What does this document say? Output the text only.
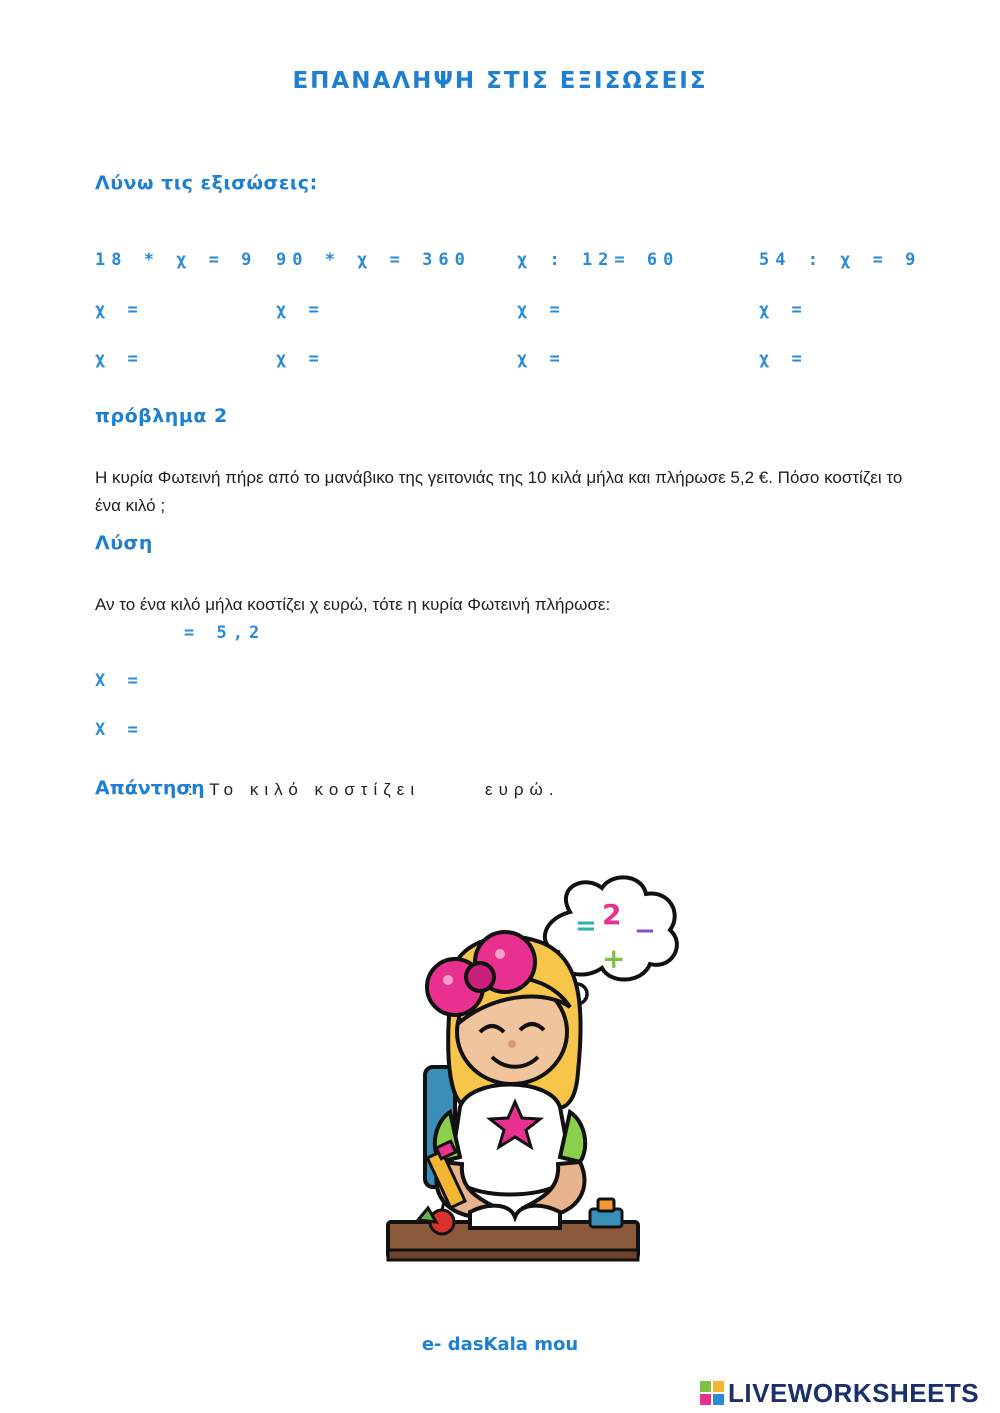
ΕΠΑΝΑΛΗΨΗ ΣΤΙΣ ΕΞΙΣΩΣΕΙΣ
Λύνω τις εξισώσεις:
18 * χ = 9
χ =
χ =
90 * χ = 360
χ =
χ =
χ : 12= 60
χ =
χ =
54 : χ = 9
χ =
χ =
πρόβλημα 2
Η κυρία Φωτεινή πήρε από το μανάβικο της γειτονιάς της 10 κιλά μήλα και πλήρωσε 5,2 €. Πόσο κοστίζει το ένα κιλό ;
Λύση
Αν το ένα κιλό μήλα κοστίζει χ ευρώ, τότε η κυρία Φωτεινή πλήρωσε:
= 5,2
Χ =
Χ =
Απάντηση
: Το κιλό κοστίζει	ευρώ.
= 2 −
+
e- dasKala mou
LIVEWORKSHEETS
